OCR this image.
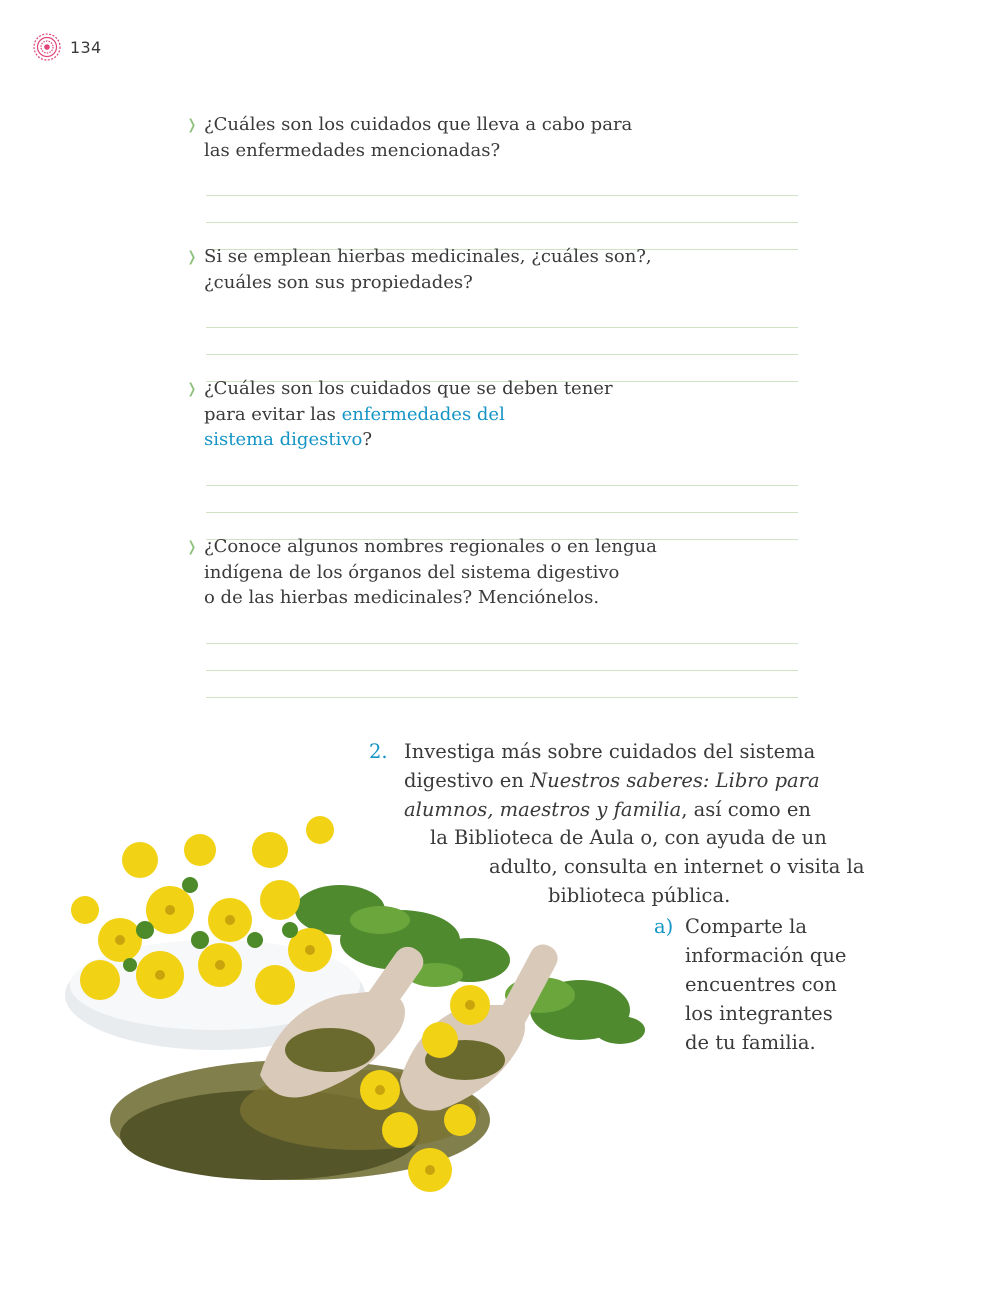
134
❭ ¿Cuáles son los cuidados que lleva a cabo para
las enfermedades mencionadas?
❭ Si se emplean hierbas medicinales, ¿cuáles son?,
¿cuáles son sus propiedades?
❭ ¿Cuáles son los cuidados que se deben tener
para evitar las enfermedades del
sistema digestivo?
❭ ¿Conoce algunos nombres regionales o en lengua
indígena de los órganos del sistema digestivo
o de las hierbas medicinales? Menciónelos.
2. Investiga más sobre cuidados del sistema
digestivo en Nuestros saberes: Libro para
alumnos, maestros y familia, así como en
la Biblioteca de Aula o, con ayuda de un
adulto, consulta en internet o visita la
biblioteca pública.
a) Comparte la
información que
encuentres con
los integrantes
de tu familia.
